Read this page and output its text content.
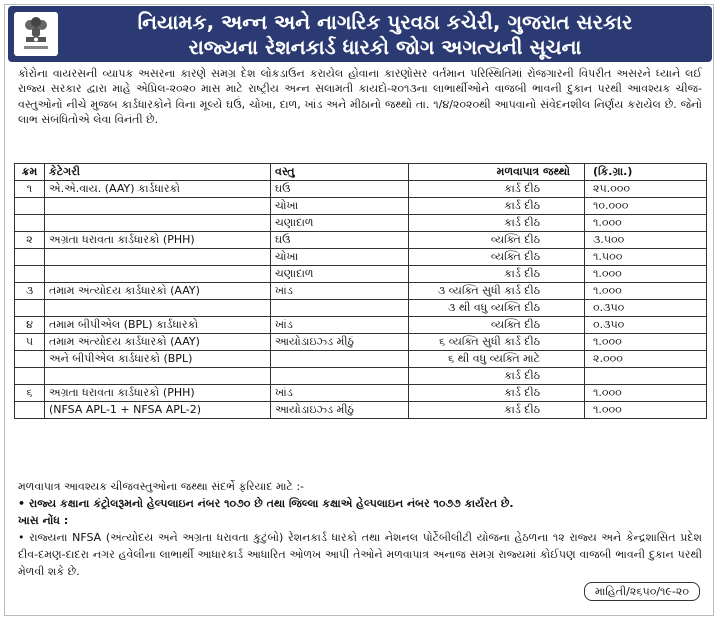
નિયામક, અન્ન અને નાગરિક પુરવઠા કચેરી, ગુજરાત સરકાર
રાજ્યના રેશનકાર્ડ ધારકો જોગ અગત્યની સૂચના
કોરોના વાયરસની વ્યાપક અસરના કારણે સમગ્ર દેશ લોકડાઉન કરાયેલ હોવાના કારણોસર વર્તમાન પરિસ્થિતિમાં રોજગારની વિપરીત અસરને ધ્યાને લઈ રાજ્ય સરકાર દ્વારા માહે એપ્રિલ-૨૦૨૦ માસ માટે રાષ્ટ્રીય અન્ન સલામતી કાયદો-૨૦૧૩ના લાભાર્થીઓને વાજબી ભાવની દુકાન પરથી આવશ્યક ચીજ-વસ્તુઓનો નીચે મુજબ કાર્ડધારકોને વિના મૂલ્યે ઘઉં, ચોખા, દાળ, ખાંડ અને મીઠાનો જથ્થો તા. ૧/૪/૨૦૨૦થી આપવાનો સંવેદનશીલ નિર્ણય કરાયેલ છે. જેનો લાભ સંબંધિતોએ લેવા વિનંતી છે.
ક્રમ	કેટેગરી	વસ્તુ	મળવાપાત્ર જથ્થો	(કિ.ગ્રા.)
૧	એ.એ.વાય. (AAY) કાર્ડધારકો	ઘઉં	કાર્ડ દીઠ	૨૫.૦૦૦
		ચોખા	કાર્ડ દીઠ	૧૦.૦૦૦
		ચણાદાળ	કાર્ડ દીઠ	૧.૦૦૦
૨	અગ્રતા ધરાવતા કાર્ડધારકો (PHH)	ઘઉં	વ્યક્તિ દીઠ	૩.૫૦૦
		ચોખા	વ્યક્તિ દીઠ	૧.૫૦૦
		ચણાદાળ	કાર્ડ દીઠ	૧.૦૦૦
૩	તમામ અંત્યોદય કાર્ડધારકો (AAY)	ખાંડ	૩ વ્યક્તિ સુધી કાર્ડ દીઠ	૧.૦૦૦
			૩ થી વધુ વ્યક્તિ દીઠ	૦.૩૫૦
૪	તમામ બીપીએલ (BPL) કાર્ડધારકો	ખાંડ	વ્યક્તિ દીઠ	૦.૩૫૦
૫	તમામ અંત્યોદય કાર્ડધારકો (AAY)	આયોડાઇઝ્ડ મીઠું	૬ વ્યક્તિ સુધી કાર્ડ દીઠ	૧.૦૦૦
	અને બીપીએલ કાર્ડધારકો (BPL)		૬ થી વધુ વ્યક્તિ માટે	૨.૦૦૦
			કાર્ડ દીઠ	
૬	અગ્રતા ધરાવતા કાર્ડધારકો (PHH)	ખાંડ	કાર્ડ દીઠ	૧.૦૦૦
	(NFSA APL-1 + NFSA APL-2)	આયોડાઇઝ્ડ મીઠું	કાર્ડ દીઠ	૧.૦૦૦

મળવાપાત્ર આવશ્યક ચીજવસ્તુઓના જથ્થા સંદર્ભે ફરિયાદ માટે :-

• રાજ્ય કક્ષાના કંટ્રોલરૂમનો હેલ્પલાઇન નંબર ૧૦૭૦ છે તથા જિલ્લા કક્ષાએ હેલ્પલાઇન નંબર ૧૦૭૭ કાર્યરત છે.

ખાસ નોંધ :

• રાજ્યના NFSA (અંત્યોદય અને અગ્રતા ધરાવતા કુટુંબો) રેશનકાર્ડ ધારકો તથા નેશનલ પોર્ટેબીલીટી યોજના હેઠળના ૧૨ રાજ્ય અને કેન્દ્રશાસિત પ્રદેશ દીવ-દમણ-દાદરા નગર હવેલીના લાભાર્થી આધારકાર્ડ આધારિત ઓળખ આપી તેઓને મળવાપાત્ર અનાજ સમગ્ર રાજ્યમાં કોઈપણ વાજબી ભાવની દુકાન પરથી મેળવી શકે છે.

માહિતી/૨૬૫૦/૧૯-૨૦
